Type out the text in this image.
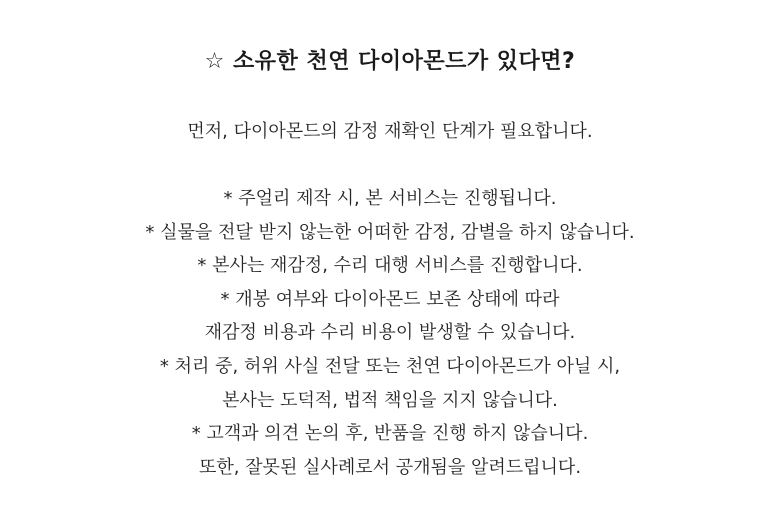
☆ 소유한 천연 다이아몬드가 있다면?
먼저, 다이아몬드의 감정 재확인 단계가 필요합니다.
* 주얼리 제작 시, 본 서비스는 진행됩니다.
* 실물을 전달 받지 않는한 어떠한 감정, 감별을 하지 않습니다.
* 본사는 재감정, 수리 대행 서비스를 진행합니다.
* 개봉 여부와 다이아몬드 보존 상태에 따라
재감정 비용과 수리 비용이 발생할 수 있습니다.
* 처리 중, 허위 사실 전달 또는 천연 다이아몬드가 아닐 시,
본사는 도덕적, 법적 책임을 지지 않습니다.
* 고객과 의견 논의 후, 반품을 진행 하지 않습니다.
또한, 잘못된 실사례로서 공개됨을 알려드립니다.
